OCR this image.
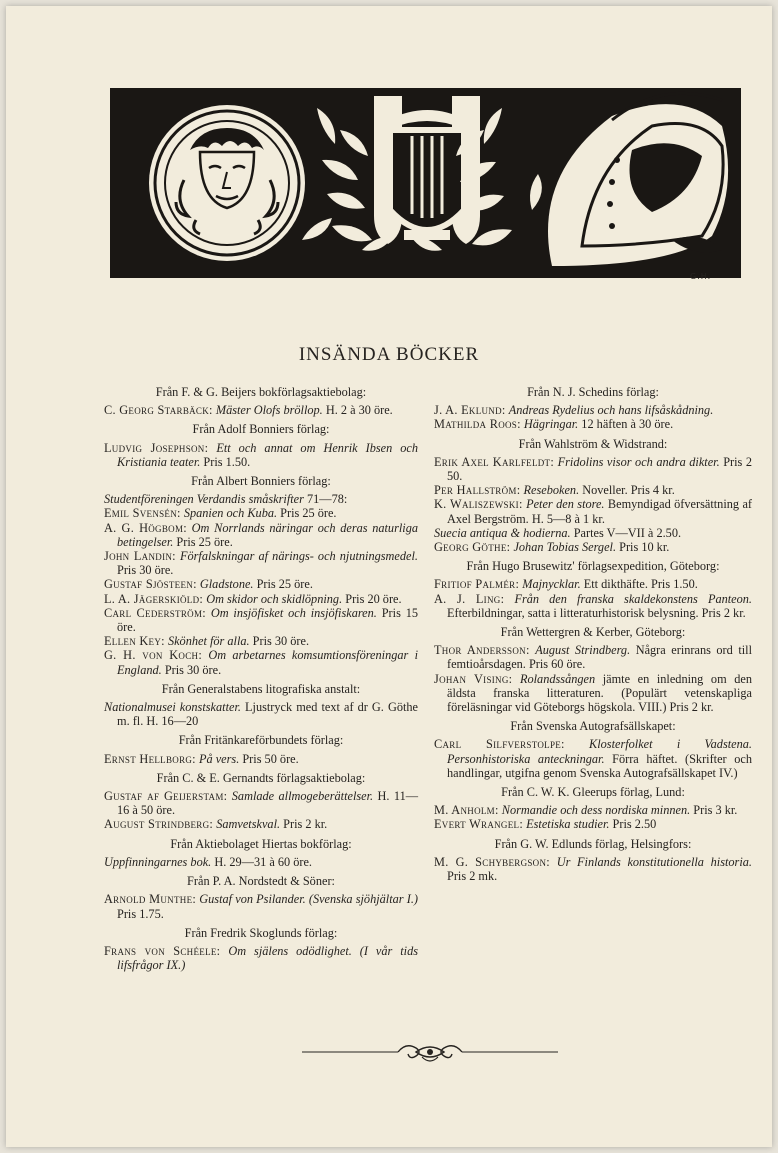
G.H.
INSÄNDA BÖCKER
Från F. & G. Beijers bokförlagsaktiebolag:
C. Georg Starbäck: Mäster Olofs bröllop. H. 2 à 30 öre.
Från Adolf Bonniers förlag:
Ludvig Josephson: Ett och annat om Henrik Ibsen och Kristiania teater. Pris 1.50.
Från Albert Bonniers förlag:
Studentföreningen Verdandis småskrifter 71—78:
Emil Svensén: Spanien och Kuba. Pris 25 öre.
A. G. Högbom: Om Norrlands näringar och deras naturliga betingelser. Pris 25 öre.
John Landin: Förfalskningar af närings- och njutningsmedel. Pris 30 öre.
Gustaf Sjösteen: Gladstone. Pris 25 öre.
L. A. Jägerskiöld: Om skidor och skidlöpning. Pris 20 öre.
Carl Cederström: Om insjöfisket och insjöfiskaren. Pris 15 öre.
Ellen Key: Skönhet för alla. Pris 30 öre.
G. H. von Koch: Om arbetarnes komsumtionsföreningar i England. Pris 30 öre.
Från Generalstabens litografiska anstalt:
Nationalmusei konstskatter. Ljustryck med text af dr G. Göthe m. fl. H. 16—20
Från Fritänkareförbundets förlag:
Ernst Hellborg: På vers. Pris 50 öre.
Från C. & E. Gernandts förlagsaktiebolag:
Gustaf af Geijerstam: Samlade allmogeberättelser. H. 11—16 à 50 öre.
August Strindberg: Samvetskval. Pris 2 kr.
Från Aktiebolaget Hiertas bokförlag:
Uppfinningarnes bok. H. 29—31 à 60 öre.
Från P. A. Nordstedt & Söner:
Arnold Munthe: Gustaf von Psilander. (Svenska sjöhjältar I.) Pris 1.75.
Från Fredrik Skoglunds förlag:
Frans von Schéele: Om själens odödlighet. (I vår tids lifsfrågor IX.)
Från N. J. Schedins förlag:
J. A. Eklund: Andreas Rydelius och hans lifsåskådning.
Mathilda Roos: Hägringar. 12 häften à 30 öre.
Från Wahlström & Widstrand:
Erik Axel Karlfeldt: Fridolins visor och andra dikter. Pris 2 50.
Per Hallström: Reseboken. Noveller. Pris 4 kr.
K. Waliszewski: Peter den store. Bemyndigad öfversättning af Axel Bergström. H. 5—8 à 1 kr.
Suecia antiqua & hodierna. Partes V—VII à 2.50.
Georg Göthe: Johan Tobias Sergel. Pris 10 kr.
Från Hugo Brusewitz' förlagsexpedition, Göteborg:
Fritiof Palmér: Majnycklar. Ett dikthäfte. Pris 1.50.
A. J. Ling: Från den franska skaldekonstens Panteon. Efterbildningar, satta i litteraturhistorisk belysning. Pris 2 kr.
Från Wettergren & Kerber, Göteborg:
Thor Andersson: August Strindberg. Några erinrans ord till femtioårsdagen. Pris 60 öre.
Johan Vising: Rolandssången jämte en inledning om den äldsta franska litteraturen. (Populärt vetenskapliga föreläsningar vid Göteborgs högskola. VIII.) Pris 2 kr.
Från Svenska Autografsällskapet:
Carl Silfverstolpe: Klosterfolket i Vadstena. Personhistoriska anteckningar. Förra häftet. (Skrifter och handlingar, utgifna genom Svenska Autografsällskapet IV.)
Från C. W. K. Gleerups förlag, Lund:
M. Anholm: Normandie och dess nordiska minnen. Pris 3 kr.
Evert Wrangel: Estetiska studier. Pris 2.50
Från G. W. Edlunds förlag, Helsingfors:
M. G. Schybergson: Ur Finlands konstitutionella historia. Pris 2 mk.
